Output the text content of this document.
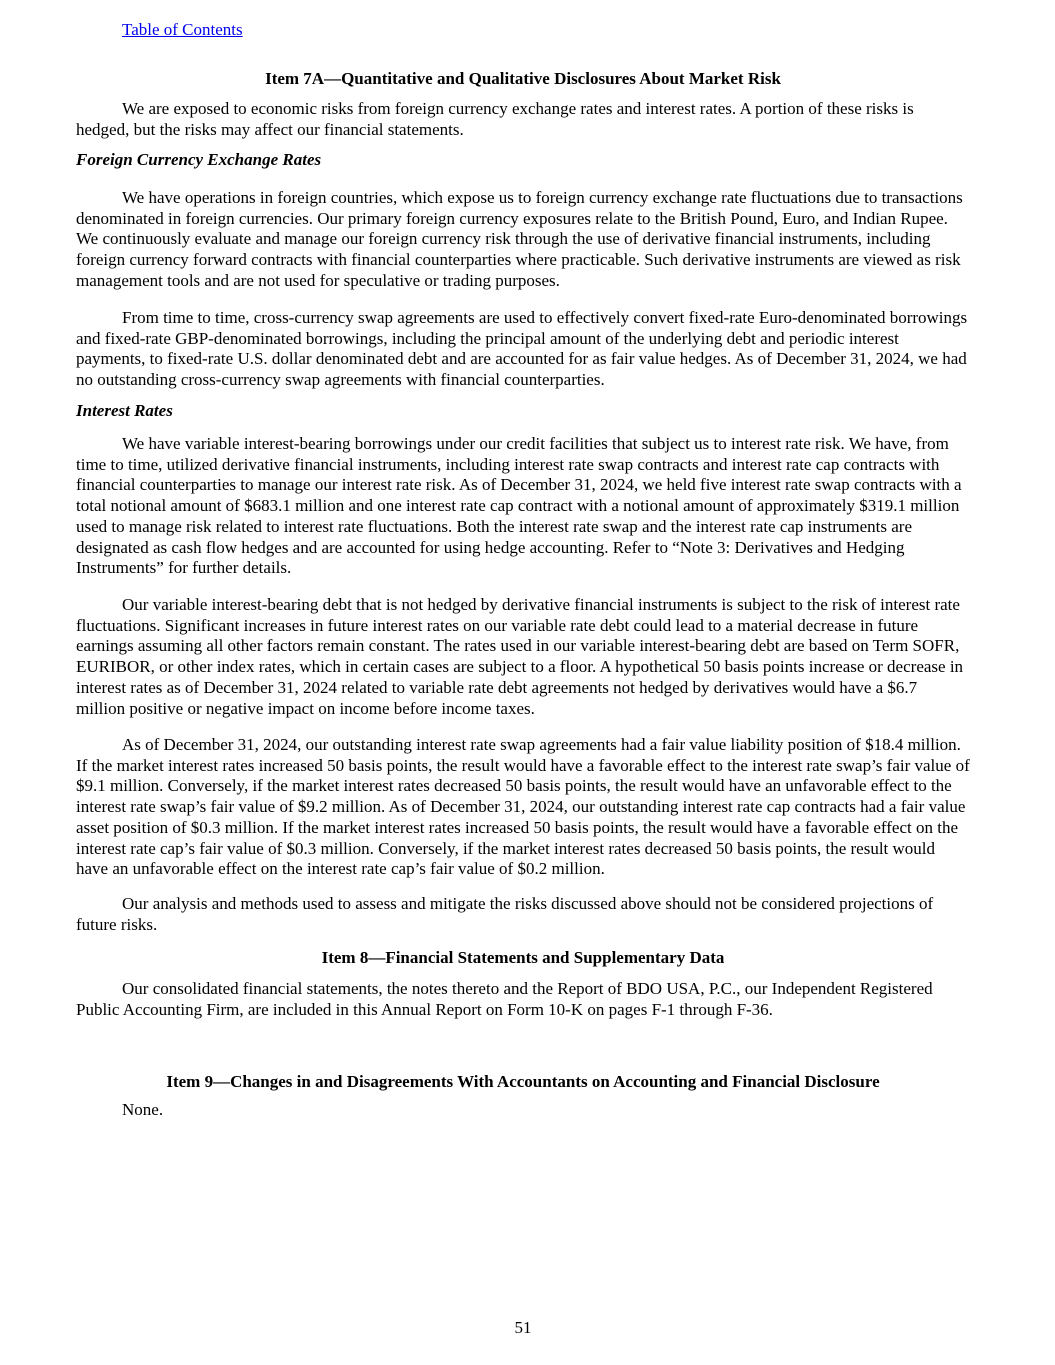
Table of Contents
Item 7A—Quantitative and Qualitative Disclosures About Market Risk

We are exposed to economic risks from foreign currency exchange rates and interest rates. A portion of these risks is hedged, but the risks may affect our financial statements.

Foreign Currency Exchange Rates

We have operations in foreign countries, which expose us to foreign currency exchange rate fluctuations due to transactions denominated in foreign currencies. Our primary foreign currency exposures relate to the British Pound, Euro, and Indian Rupee. We continuously evaluate and manage our foreign currency risk through the use of derivative financial instruments, including foreign currency forward contracts with financial counterparties where practicable. Such derivative instruments are viewed as risk management tools and are not used for speculative or trading purposes.

From time to time, cross-currency swap agreements are used to effectively convert fixed-rate Euro-denominated borrowings and fixed-rate GBP-denominated borrowings, including the principal amount of the underlying debt and periodic interest payments, to fixed-rate U.S. dollar denominated debt and are accounted for as fair value hedges. As of December 31, 2024, we had no outstanding cross-currency swap agreements with financial counterparties.

Interest Rates

We have variable interest-bearing borrowings under our credit facilities that subject us to interest rate risk. We have, from time to time, utilized derivative financial instruments, including interest rate swap contracts and interest rate cap contracts with financial counterparties to manage our interest rate risk. As of December 31, 2024, we held five interest rate swap contracts with a total notional amount of $683.1 million and one interest rate cap contract with a notional amount of approximately $319.1 million used to manage risk related to interest rate fluctuations. Both the interest rate swap and the interest rate cap instruments are designated as cash flow hedges and are accounted for using hedge accounting. Refer to “Note 3: Derivatives and Hedging Instruments” for further details.

Our variable interest-bearing debt that is not hedged by derivative financial instruments is subject to the risk of interest rate fluctuations. Significant increases in future interest rates on our variable rate debt could lead to a material decrease in future earnings assuming all other factors remain constant. The rates used in our variable interest-bearing debt are based on Term SOFR, EURIBOR, or other index rates, which in certain cases are subject to a floor. A hypothetical 50 basis points increase or decrease in interest rates as of December 31, 2024 related to variable rate debt agreements not hedged by derivatives would have a $6.7 million positive or negative impact on income before income taxes.

As of December 31, 2024, our outstanding interest rate swap agreements had a fair value liability position of $18.4 million. If the market interest rates increased 50 basis points, the result would have a favorable effect to the interest rate swap’s fair value of $9.1 million. Conversely, if the market interest rates decreased 50 basis points, the result would have an unfavorable effect to the interest rate swap’s fair value of $9.2 million. As of December 31, 2024, our outstanding interest rate cap contracts had a fair value asset position of $0.3 million. If the market interest rates increased 50 basis points, the result would have a favorable effect on the interest rate cap’s fair value of $0.3 million. Conversely, if the market interest rates decreased 50 basis points, the result would have an unfavorable effect on the interest rate cap’s fair value of $0.2 million.

Our analysis and methods used to assess and mitigate the risks discussed above should not be considered projections of future risks.

Item 8—Financial Statements and Supplementary Data

Our consolidated financial statements, the notes thereto and the Report of BDO USA, P.C., our Independent Registered Public Accounting Firm, are included in this Annual Report on Form 10-K on pages F-1 through F-36.

Item 9—Changes in and Disagreements With Accountants on Accounting and Financial Disclosure

None.

51
